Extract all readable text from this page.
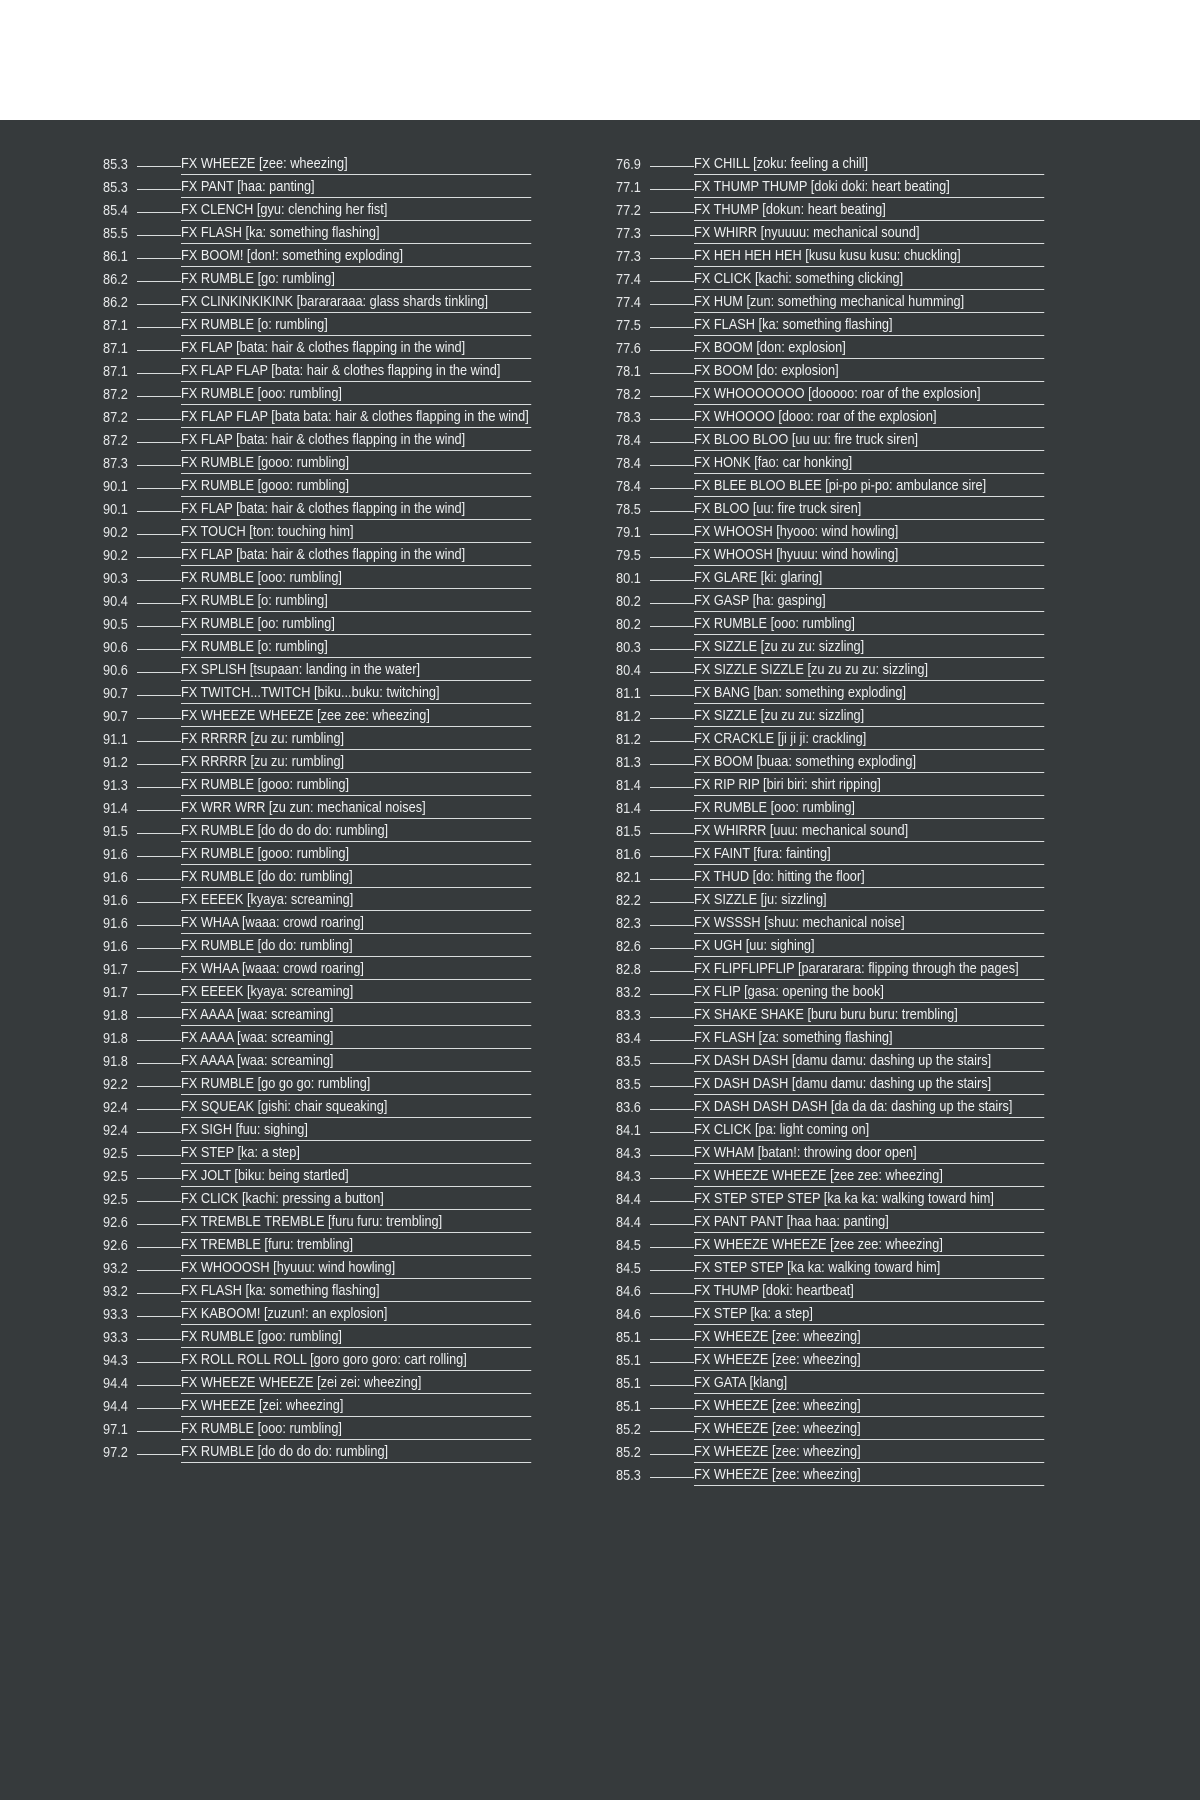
85.3	FX WHEEZE [zee: wheezing]
85.3	FX PANT [haa: panting]
85.4	FX CLENCH [gyu: clenching her fist]
85.5	FX FLASH [ka: something flashing]
86.1	FX BOOM! [don!: something exploding]
86.2	FX RUMBLE [go: rumbling]
86.2	FX CLINKINKIKINK [barararaaa: glass shards tinkling]
87.1	FX RUMBLE [o: rumbling]
87.1	FX FLAP [bata: hair & clothes flapping in the wind]
87.1	FX FLAP FLAP [bata: hair & clothes flapping in the wind]
87.2	FX RUMBLE [ooo: rumbling]
87.2	FX FLAP FLAP [bata bata: hair & clothes flapping in the wind]
87.2	FX FLAP [bata: hair & clothes flapping in the wind]
87.3	FX RUMBLE [gooo: rumbling]
90.1	FX RUMBLE [gooo: rumbling]
90.1	FX FLAP [bata: hair & clothes flapping in the wind]
90.2	FX TOUCH [ton: touching him]
90.2	FX FLAP [bata: hair & clothes flapping in the wind]
90.3	FX RUMBLE [ooo: rumbling]
90.4	FX RUMBLE [o: rumbling]
90.5	FX RUMBLE [oo: rumbling]
90.6	FX RUMBLE [o: rumbling]
90.6	FX SPLISH [tsupaan: landing in the water]
90.7	FX TWITCH...TWITCH [biku...buku: twitching]
90.7	FX WHEEZE WHEEZE [zee zee: wheezing]
91.1	FX RRRRR [zu zu: rumbling]
91.2	FX RRRRR [zu zu: rumbling]
91.3	FX RUMBLE [gooo: rumbling]
91.4	FX WRR WRR [zu zun: mechanical noises]
91.5	FX RUMBLE [do do do do: rumbling]
91.6	FX RUMBLE [gooo: rumbling]
91.6	FX RUMBLE [do do: rumbling]
91.6	FX EEEEK [kyaya: screaming]
91.6	FX WHAA [waaa: crowd roaring]
91.6	FX RUMBLE [do do: rumbling]
91.7	FX WHAA [waaa: crowd roaring]
91.7	FX EEEEK [kyaya: screaming]
91.8	FX AAAA [waa: screaming]
91.8	FX AAAA [waa: screaming]
91.8	FX AAAA [waa: screaming]
92.2	FX RUMBLE [go go go: rumbling]
92.4	FX SQUEAK [gishi: chair squeaking]
92.4	FX SIGH [fuu: sighing]
92.5	FX STEP [ka: a step]
92.5	FX JOLT [biku: being startled]
92.5	FX CLICK [kachi: pressing a button]
92.6	FX TREMBLE TREMBLE [furu furu: trembling]
92.6	FX TREMBLE [furu: trembling]
93.2	FX WHOOOSH [hyuuu: wind howling]
93.2	FX FLASH [ka: something flashing]
93.3	FX KABOOM! [zuzun!: an explosion]
93.3	FX RUMBLE [goo: rumbling]
94.3	FX ROLL ROLL ROLL [goro goro goro: cart rolling]
94.4	FX WHEEZE WHEEZE [zei zei: wheezing]
94.4	FX WHEEZE [zei: wheezing]
97.1	FX RUMBLE [ooo: rumbling]
97.2	FX RUMBLE [do do do do: rumbling]
76.9	FX CHILL [zoku: feeling a chill]
77.1	FX THUMP THUMP [doki doki: heart beating]
77.2	FX THUMP [dokun: heart beating]
77.3	FX WHIRR [nyuuuu: mechanical sound]
77.3	FX HEH HEH HEH [kusu kusu kusu: chuckling]
77.4	FX CLICK [kachi: something clicking]
77.4	FX HUM [zun: something mechanical humming]
77.5	FX FLASH [ka: something flashing]
77.6	FX BOOM [don: explosion]
78.1	FX BOOM [do: explosion]
78.2	FX WHOOOOOOO [dooooo: roar of the explosion]
78.3	FX WHOOOO [dooo: roar of the explosion]
78.4	FX BLOO BLOO [uu uu: fire truck siren]
78.4	FX HONK [fao: car honking]
78.4	FX BLEE BLOO BLEE [pi-po pi-po: ambulance sire]
78.5	FX BLOO [uu: fire truck siren]
79.1	FX WHOOSH [hyooo: wind howling]
79.5	FX WHOOSH [hyuuu: wind howling]
80.1	FX GLARE [ki: glaring]
80.2	FX GASP [ha: gasping]
80.2	FX RUMBLE [ooo: rumbling]
80.3	FX SIZZLE [zu zu zu: sizzling]
80.4	FX SIZZLE SIZZLE [zu zu zu zu: sizzling]
81.1	FX BANG [ban: something exploding]
81.2	FX SIZZLE [zu zu zu: sizzling]
81.2	FX CRACKLE [ji ji ji: crackling]
81.3	FX BOOM [buaa: something exploding]
81.4	FX RIP RIP [biri biri: shirt ripping]
81.4	FX RUMBLE [ooo: rumbling]
81.5	FX WHIRRR [uuu: mechanical sound]
81.6	FX FAINT [fura: fainting]
82.1	FX THUD [do: hitting the floor]
82.2	FX SIZZLE [ju: sizzling]
82.3	FX WSSSH [shuu: mechanical noise]
82.6	FX UGH [uu: sighing]
82.8	FX FLIPFLIPFLIP [parararara: flipping through the pages]
83.2	FX FLIP [gasa: opening the book]
83.3	FX SHAKE SHAKE [buru buru buru: trembling]
83.4	FX FLASH [za: something flashing]
83.5	FX DASH DASH [damu damu: dashing up the stairs]
83.5	FX DASH DASH [damu damu: dashing up the stairs]
83.6	FX DASH DASH DASH [da da da: dashing up the stairs]
84.1	FX CLICK [pa: light coming on]
84.3	FX WHAM [batan!: throwing door open]
84.3	FX WHEEZE WHEEZE [zee zee: wheezing]
84.4	FX STEP STEP STEP [ka ka ka: walking toward him]
84.4	FX PANT PANT [haa haa: panting]
84.5	FX WHEEZE WHEEZE [zee zee: wheezing]
84.5	FX STEP STEP [ka ka: walking toward him]
84.6	FX THUMP [doki: heartbeat]
84.6	FX STEP [ka: a step]
85.1	FX WHEEZE [zee: wheezing]
85.1	FX WHEEZE [zee: wheezing]
85.1	FX GATA [klang]
85.1	FX WHEEZE [zee: wheezing]
85.2	FX WHEEZE [zee: wheezing]
85.2	FX WHEEZE [zee: wheezing]
85.3	FX WHEEZE [zee: wheezing]
